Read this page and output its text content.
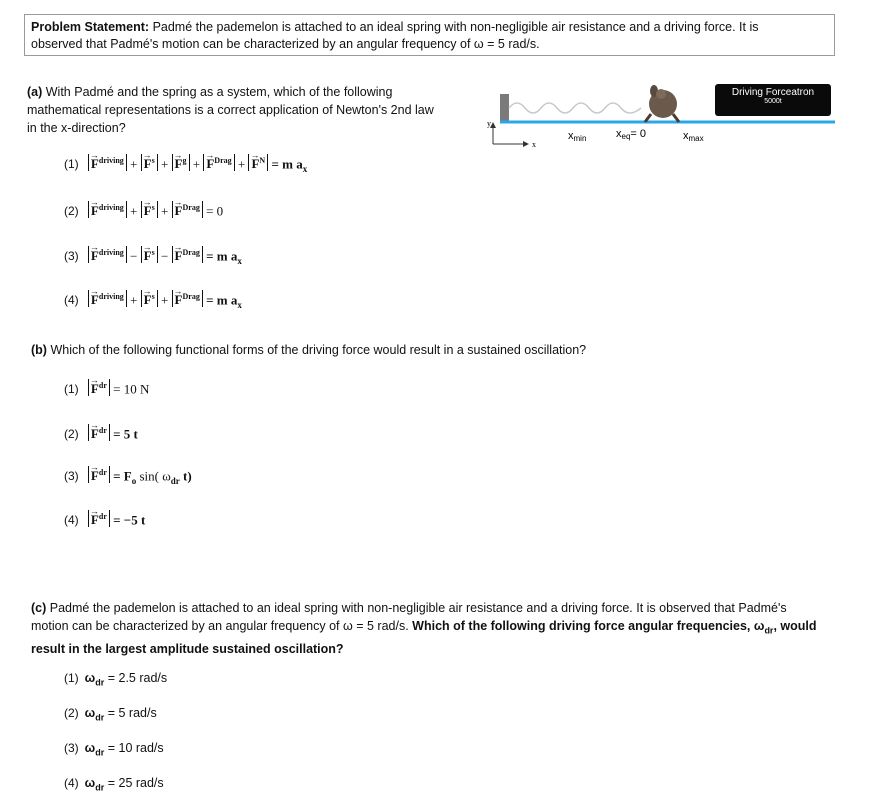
Problem Statement: Padmé the pademelon is attached to an ideal spring with non-negligible air resistance and a driving force. It is
observed that Padmé's motion can be characterized by an angular frequency of ω = 5 rad/s.
(a) With Padmé and the spring as a system, which of the following
mathematical representations is a correct application of Newton's 2nd law
in the x-direction?	y
x
xmin	xeq= 0	xmax
Driving Forceatron
5000t
$(1) \to F^{driving}$ + → $F^s$ + → $F^g$ + → $F^{Drag}$ + → $F^N = m$ $a_x$
$(2) \to F^{driving}$ + → $F^s$ + → $F^{Drag} = 0$
$(3) \to F^{driving}$ − → $F^s$ − → $F^{Drag} = m$ $a_x$
$(4) \to F^{driving}$ + → $F^s$ + → $F^{Drag} = m$ $a_x$
(b) Which of the following functional forms of the driving force would result in a sustained oscillation?
$(1) \to F^{dr} = 10$ N
$(2) \to F^{dr} = 5$ t
$(3) \to F^{dr} = F_o$ sin( $\omega_{dr}$ t)
$(4) \to F^{dr} = -5$ t
(c) Padmé the pademelon is attached to an ideal spring with non-negligible air resistance and a driving force. It is observed that Padmé's
motion can be characterized by an angular frequency of ω = 5 rad/s. Which of the following driving force angular frequencies, $\omega_{dr}$, would
result in the largest amplitude sustained oscillation?
(1) $\omega_{dr} = 2.5$ rad/s
(2) $\omega_{dr} = 5$ rad/s
(3) $\omega_{dr} = 10$ rad/s
(4) $\omega_{dr} = 25$ rad/s
